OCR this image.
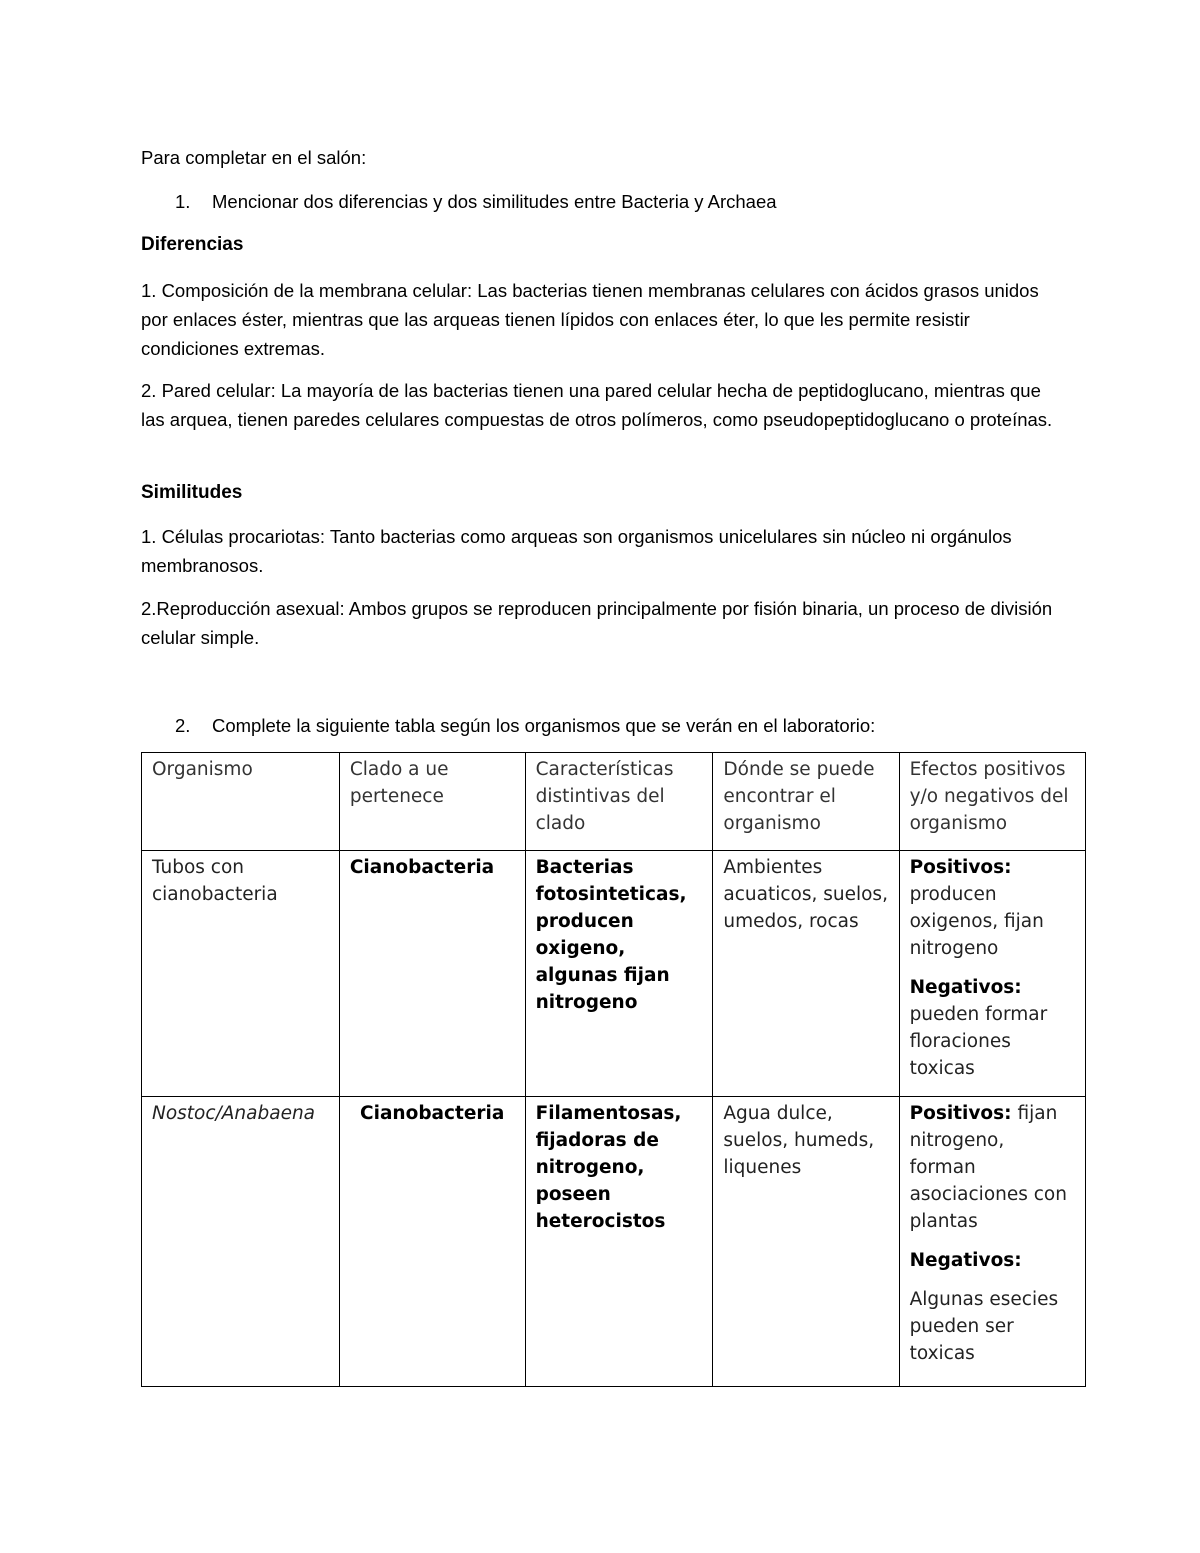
Para completar en el salón:
1. Mencionar dos diferencias y dos similitudes entre Bacteria y Archaea
Diferencias
1. Composición de la membrana celular: Las bacterias tienen membranas celulares con ácidos grasos unidos por enlaces éster, mientras que las arqueas tienen lípidos con enlaces éter, lo que les permite resistir condiciones extremas.
2. Pared celular: La mayoría de las bacterias tienen una pared celular hecha de peptidoglucano, mientras que las arquea, tienen paredes celulares compuestas de otros polímeros, como pseudopeptidoglucano o proteínas.
Similitudes
1. Células procariotas: Tanto bacterias como arqueas son organismos unicelulares sin núcleo ni orgánulos membranosos.
2.Reproducción asexual: Ambos grupos se reproducen principalmente por fisión binaria, un proceso de división celular simple.
2. Complete la siguiente tabla según los organismos que se verán en el laboratorio:
Organismo	Clado a ue pertenece	Características distintivas del clado	Dónde se puede encontrar el organismo	Efectos positivos y/o negativos del organismo
Tubos con cianobacteria	Cianobacteria	Bacterias fotosinteticas, producen oxigeno, algunas fijan nitrogeno	Ambientes acuaticos, suelos, umedos, rocas	Positivos:
producen oxigenos, fijan nitrogeno

Negativos:
pueden formar floraciones toxicas

Nostoc/Anabaena	Cianobacteria	Filamentosas, fijadoras de nitrogeno, poseen heterocistos	Agua dulce, suelos, humeds, liquenes	Positivos: fijan nitrogeno, forman asociaciones con plantas

Negativos:

Algunas esecies pueden ser toxicas
